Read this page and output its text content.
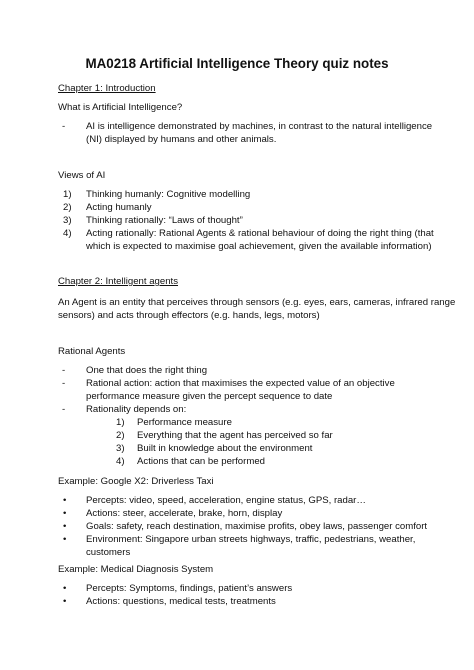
MA0218 Artificial Intelligence Theory quiz notes
Chapter 1: Introduction
What is Artificial Intelligence?
- AI is intelligence demonstrated by machines, in contrast to the natural intelligence
(NI) displayed by humans and other animals.
Views of AI
1) Thinking humanly: Cognitive modelling
2) Acting humanly
3) Thinking rationally: “Laws of thought”
4) Acting rationally: Rational Agents & rational behaviour of doing the right thing (that
which is expected to maximise goal achievement, given the available information)
Chapter 2: Intelligent agents
An Agent is an entity that perceives through sensors (e.g. eyes, ears, cameras, infrared range
sensors) and acts through effectors (e.g. hands, legs, motors)
Rational Agents
- One that does the right thing
- Rational action: action that maximises the expected value of an objective
performance measure given the percept sequence to date
- Rationality depends on:
1) Performance measure
2) Everything that the agent has perceived so far
3) Built in knowledge about the environment
4) Actions that can be performed
Example: Google X2: Driverless Taxi
• Percepts: video, speed, acceleration, engine status, GPS, radar…
• Actions: steer, accelerate, brake, horn, display
• Goals: safety, reach destination, maximise profits, obey laws, passenger comfort
• Environment: Singapore urban streets highways, traffic, pedestrians, weather,
customers
Example: Medical Diagnosis System
• Percepts: Symptoms, findings, patient’s answers
• Actions: questions, medical tests, treatments
